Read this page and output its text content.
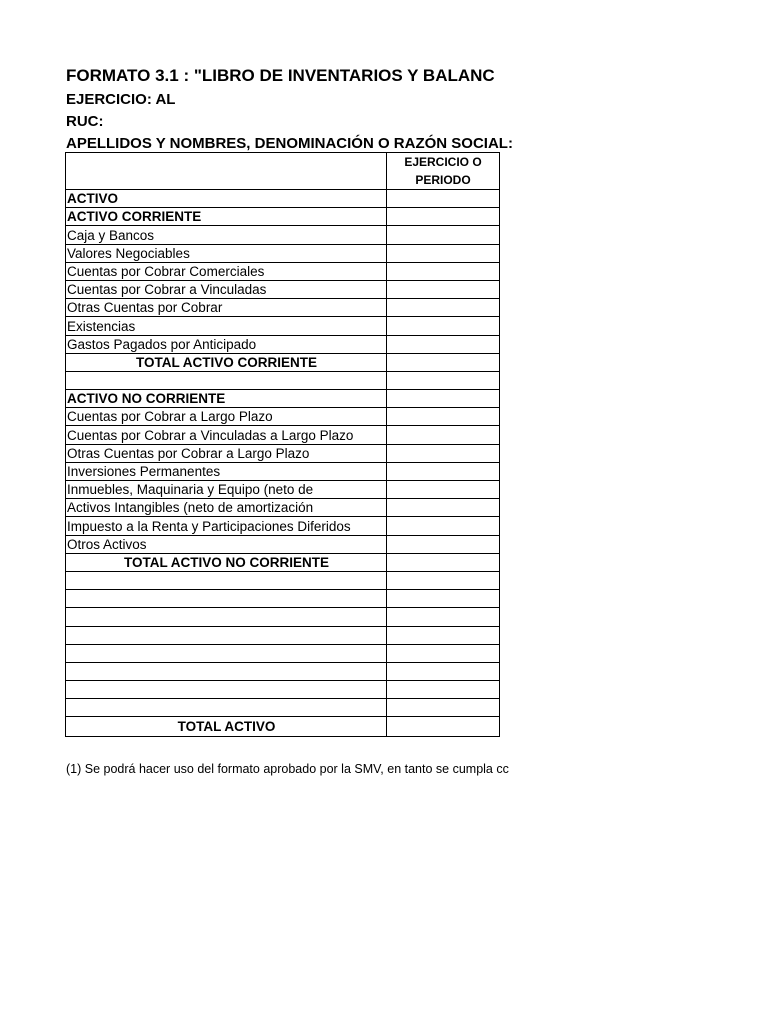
FORMATO 3.1 : "LIBRO DE INVENTARIOS Y BALANC
EJERCICIO: AL
RUC:
APELLIDOS Y NOMBRES, DENOMINACIÓN O RAZÓN SOCIAL:

	EJERCICIO O
PERIODO

ACTIVO	
ACTIVO CORRIENTE	
Caja y Bancos	
Valores Negociables	
Cuentas por Cobrar Comerciales	
Cuentas por Cobrar a Vinculadas	
Otras Cuentas por Cobrar	
Existencias	
Gastos Pagados por Anticipado	
TOTAL ACTIVO CORRIENTE	

ACTIVO NO CORRIENTE	
Cuentas por Cobrar a Largo Plazo	
Cuentas por Cobrar a Vinculadas a Largo Plazo	
Otras Cuentas por Cobrar a Largo Plazo	
Inversiones Permanentes	
Inmuebles, Maquinaria y Equipo (neto de	
Activos Intangibles (neto de amortización	
Impuesto a la Renta y Participaciones Diferidos	
Otros Activos	
TOTAL ACTIVO NO CORRIENTE	

TOTAL ACTIVO	
(1) Se podrá hacer uso del formato aprobado por la SMV, en tanto se cumpla cc
